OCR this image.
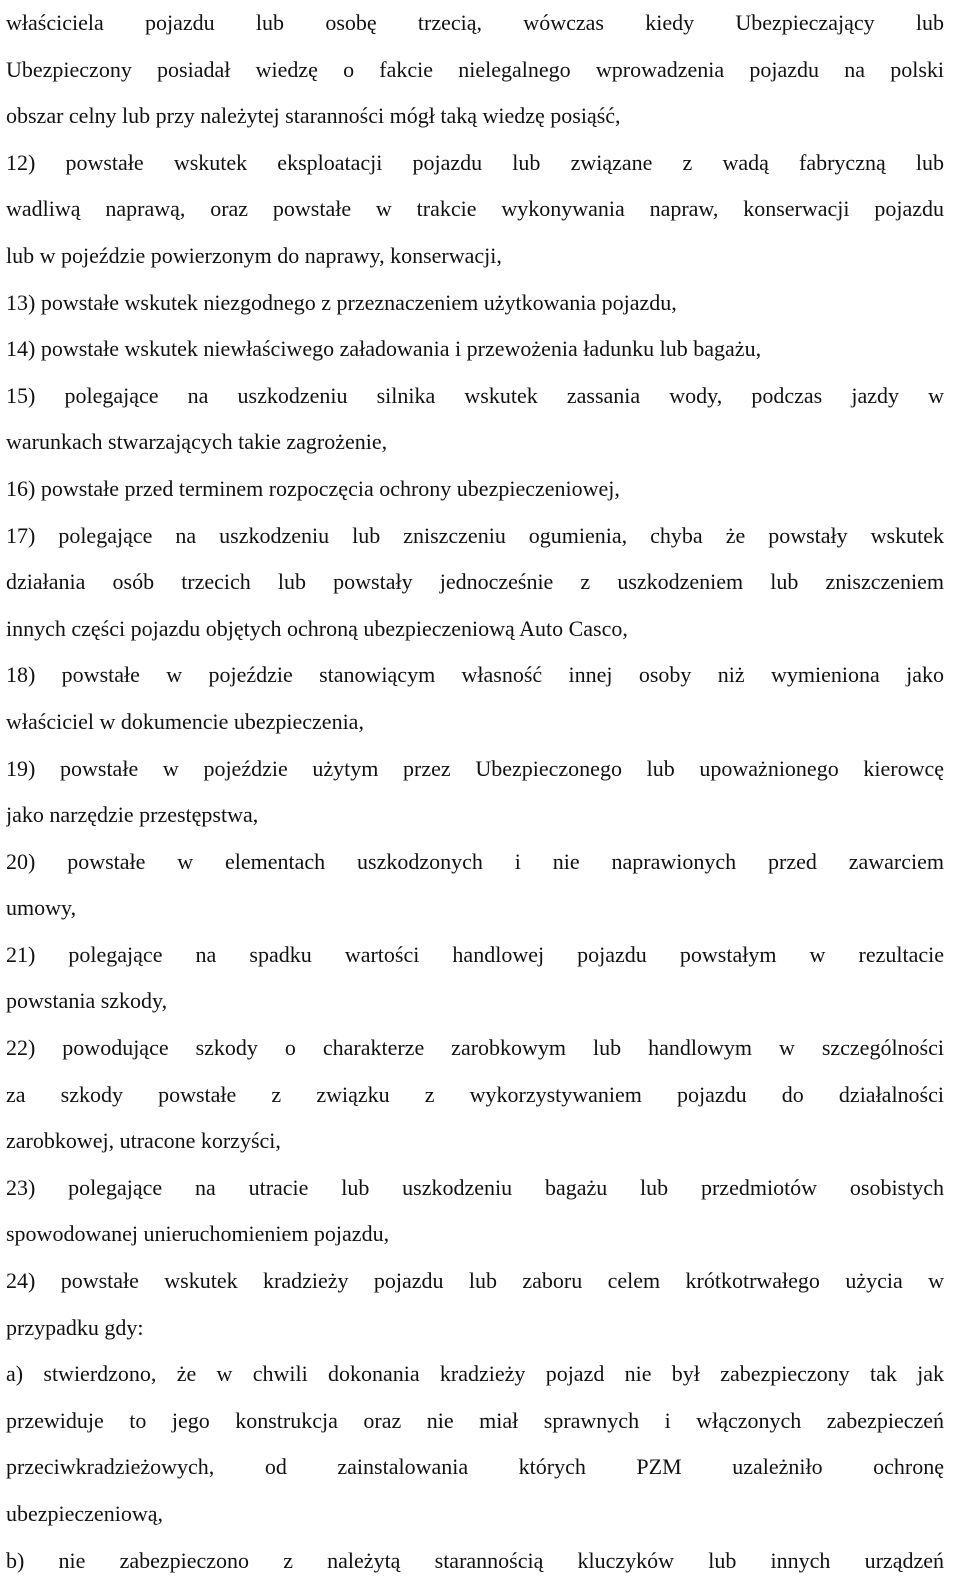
właściciela pojazdu lub osobę trzecią, wówczas kiedy Ubezpieczający lub
Ubezpieczony posiadał wiedzę o fakcie nielegalnego wprowadzenia pojazdu na polski
obszar celny lub przy należytej staranności mógł taką wiedzę posiąść,
12) powstałe wskutek eksploatacji pojazdu lub związane z wadą fabryczną lub
wadliwą naprawą, oraz powstałe w trakcie wykonywania napraw, konserwacji pojazdu
lub w pojeździe powierzonym do naprawy, konserwacji,
13) powstałe wskutek niezgodnego z przeznaczeniem użytkowania pojazdu,
14) powstałe wskutek niewłaściwego załadowania i przewożenia ładunku lub bagażu,
15) polegające na uszkodzeniu silnika wskutek zassania wody, podczas jazdy w
warunkach stwarzających takie zagrożenie,
16) powstałe przed terminem rozpoczęcia ochrony ubezpieczeniowej,
17) polegające na uszkodzeniu lub zniszczeniu ogumienia, chyba że powstały wskutek
działania osób trzecich lub powstały jednocześnie z uszkodzeniem lub zniszczeniem
innych części pojazdu objętych ochroną ubezpieczeniową Auto Casco,
18) powstałe w pojeździe stanowiącym własność innej osoby niż wymieniona jako
właściciel w dokumencie ubezpieczenia,
19) powstałe w pojeździe użytym przez Ubezpieczonego lub upoważnionego kierowcę
jako narzędzie przestępstwa,
20) powstałe w elementach uszkodzonych i nie naprawionych przed zawarciem
umowy,
21) polegające na spadku wartości handlowej pojazdu powstałym w rezultacie
powstania szkody,
22) powodujące szkody o charakterze zarobkowym lub handlowym w szczególności
za szkody powstałe z związku z wykorzystywaniem pojazdu do działalności
zarobkowej, utracone korzyści,
23) polegające na utracie lub uszkodzeniu bagażu lub przedmiotów osobistych
spowodowanej unieruchomieniem pojazdu,
24) powstałe wskutek kradzieży pojazdu lub zaboru celem krótkotrwałego użycia w
przypadku gdy:
a) stwierdzono, że w chwili dokonania kradzieży pojazd nie był zabezpieczony tak jak
przewiduje to jego konstrukcja oraz nie miał sprawnych i włączonych zabezpieczeń
przeciwkradzieżowych, od zainstalowania których PZM uzależniło ochronę
ubezpieczeniową,
b) nie zabezpieczono z należytą starannością kluczyków lub innych urządzeń
